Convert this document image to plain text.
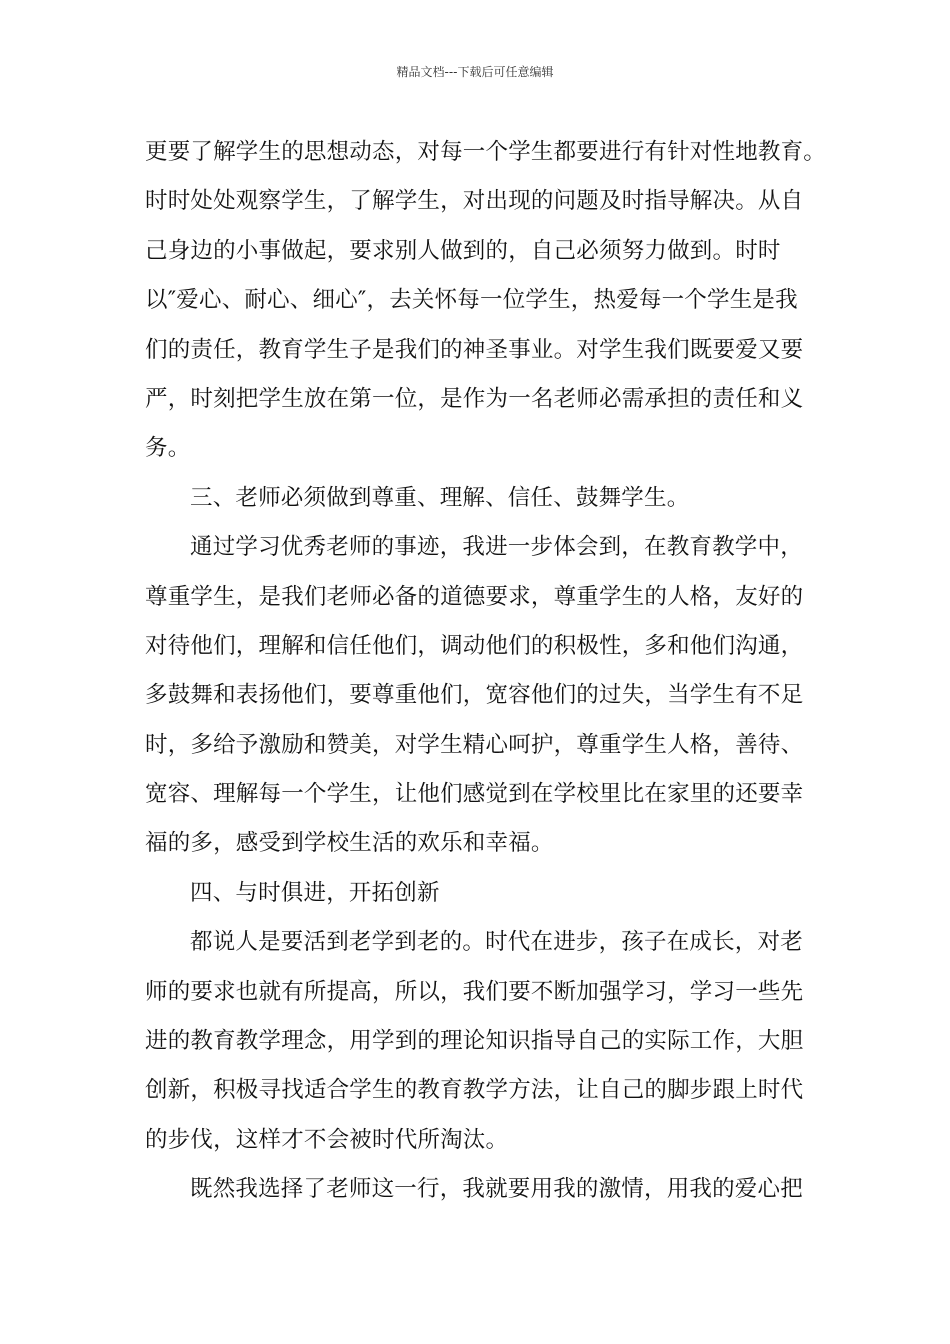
精品文档---下载后可任意编辑
更要了解学生的思想动态，对每一个学生都要进行有针对性地教育。
时时处处观察学生，了解学生，对出现的问题及时指导解决。从自
己身边的小事做起，要求别人做到的，自己必须努力做到。时时
以″爱心、耐心、细心″，去关怀每一位学生，热爱每一个学生是我
们的责任，教育学生子是我们的神圣事业。对学生我们既要爱又要
严，时刻把学生放在第一位，是作为一名老师必需承担的责任和义
务。
三、老师必须做到尊重、理解、信任、鼓舞学生。
通过学习优秀老师的事迹，我进一步体会到，在教育教学中，
尊重学生，是我们老师必备的道德要求，尊重学生的人格，友好的
对待他们，理解和信任他们，调动他们的积极性，多和他们沟通，
多鼓舞和表扬他们，要尊重他们，宽容他们的过失，当学生有不足
时，多给予激励和赞美，对学生精心呵护，尊重学生人格，善待、
宽容、理解每一个学生，让他们感觉到在学校里比在家里的还要幸
福的多，感受到学校生活的欢乐和幸福。
四、与时俱进，开拓创新
都说人是要活到老学到老的。时代在进步，孩子在成长，对老
师的要求也就有所提高，所以，我们要不断加强学习，学习一些先
进的教育教学理念，用学到的理论知识指导自己的实际工作，大胆
创新，积极寻找适合学生的教育教学方法，让自己的脚步跟上时代
的步伐，这样才不会被时代所淘汰。
既然我选择了老师这一行，我就要用我的激情，用我的爱心把
